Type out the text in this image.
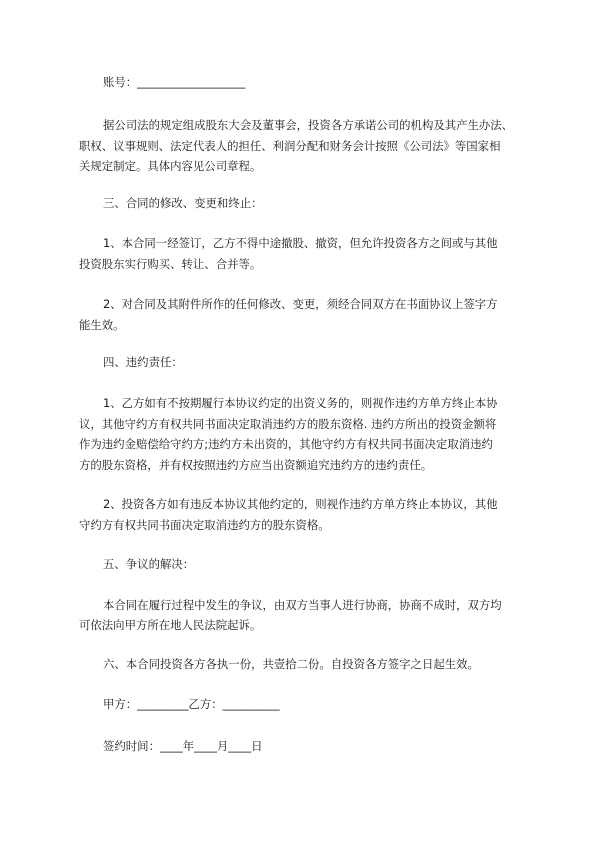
账号：___________________

据公司法的规定组成股东大会及董事会，投资各方承诺公司的机构及其产生办法、

职权、议事规则、法定代表人的担任、利润分配和财务会计按照《公司法》等国家相

关规定制定。具体内容见公司章程。

三、合同的修改、变更和终止：

1、本合同一经签订，乙方不得中途撤股、撤资，但允许投资各方之间或与其他

投资股东实行购买、转让、合并等。

2、对合同及其附件所作的任何修改、变更，须经合同双方在书面协议上签字方

能生效。

四、违约责任：

1、乙方如有不按期履行本协议约定的出资义务的，则视作违约方单方终止本协

议，其他守约方有权共同书面决定取消违约方的股东资格. 违约方所出的投资金额将

作为违约金赔偿给守约方;违约方未出资的，其他守约方有权共同书面决定取消违约

方的股东资格，并有权按照违约方应当出资额追究违约方的违约责任。

2、投资各方如有违反本协议其他约定的，则视作违约方单方终止本协议，其他

守约方有权共同书面决定取消违约方的股东资格。

五、争议的解决：

本合同在履行过程中发生的争议，由双方当事人进行协商，协商不成时，双方均

可依法向甲方所在地人民法院起诉。

六、本合同投资各方各执一份，共壹拾二份。自投资各方签字之日起生效。

甲方：_________乙方：__________

签约时间：____年____月____日
